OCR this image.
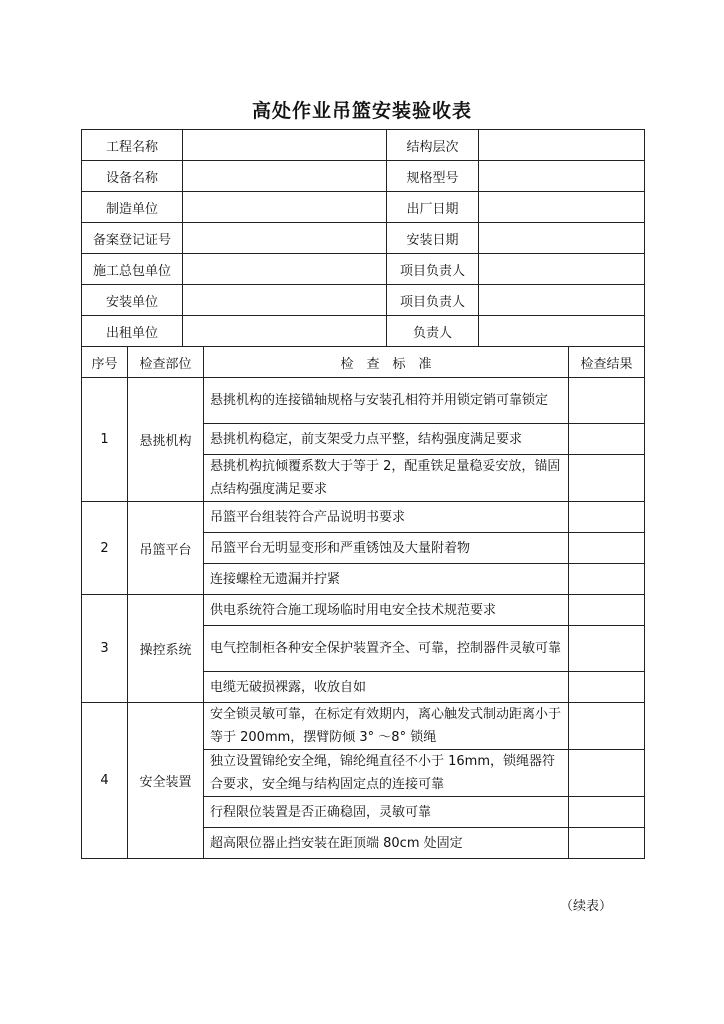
高处作业吊篮安装验收表
工程名称		结构层次	
设备名称		规格型号	
制造单位		出厂日期	
备案登记证号		安装日期	
施工总包单位		项目负责人	
安装单位		项目负责人	
出租单位		负责人	
序号	检查部位	检　查　标　准	检查结果
1	悬挑机构	悬挑机构的连接锚轴规格与安装孔相符并用锁定销可靠锁定	
		悬挑机构稳定，前支架受力点平整，结构强度满足要求	
		悬挑机构抗倾覆系数大于等于 2，配重铁足量稳妥安放，锚固点结构强度满足要求	
2	吊篮平台	吊篮平台组装符合产品说明书要求	
		吊篮平台无明显变形和严重锈蚀及大量附着物	
		连接螺栓无遗漏并拧紧	
3	操控系统	供电系统符合施工现场临时用电安全技术规范要求	
		电气控制柜各种安全保护装置齐全、可靠，控制器件灵敏可靠	
		电缆无破损裸露，收放自如	
4	安全装置	安全锁灵敏可靠，在标定有效期内，离心触发式制动距离小于等于 200mm，摆臂防倾 3° ～8° 锁绳	
		独立设置锦纶安全绳，锦纶绳直径不小于 16mm，锁绳器符合要求，安全绳与结构固定点的连接可靠	
		行程限位装置是否正确稳固，灵敏可靠	
		超高限位器止挡安装在距顶端 80cm 处固定	
（续表）
